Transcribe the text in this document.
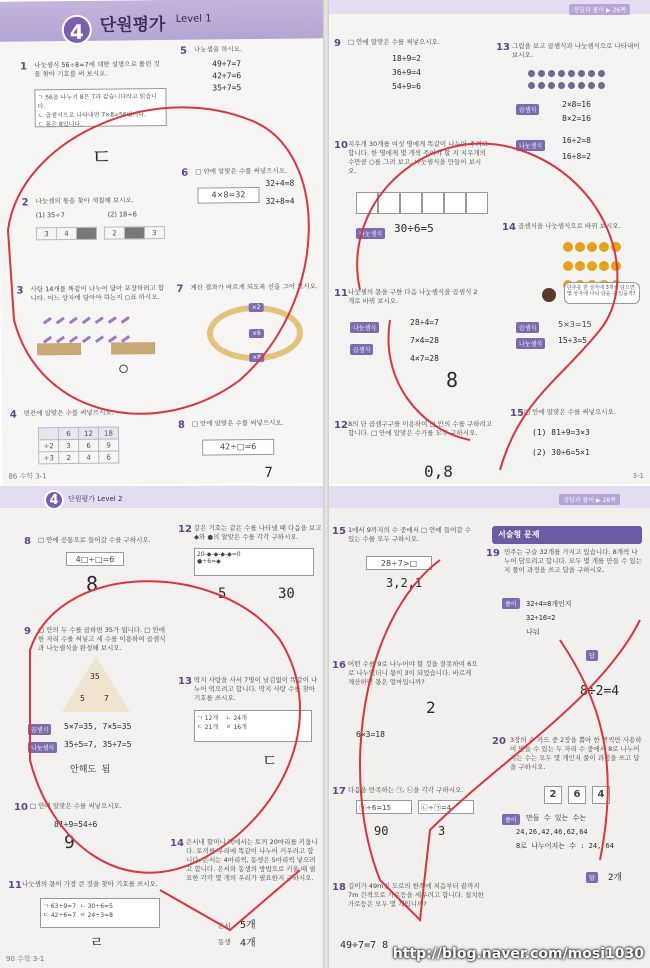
4 단원평가 Level 1
1 나눗셈식 56÷8=7에 대한 설명으로 틀린 것을 찾아 기호를 써 보시오.
ㄱ 56을 나누기 8은 7과 같습니다라고 읽습니다.
ㄴ 곱셈식으로 나타내면 7×8=56입니다.
ㄷ 몫은 8입니다.
ㄷ
2 나눗셈의 몫을 찾아 색칠해 보시오.
(1) 35÷7	(2) 18÷6
3	4		2		3
3 사탕 14개를 똑같이 나누어 담아 포장하려고 합니다. 어느 상자에 담아야 하는지 ○표 하시오.

○
4 빈칸에 알맞은 수를 써넣으시오.
	6	12	18
÷2	3	6	9
÷3	2	4	6
5 나눗셈을 하시오.
49÷7=7
42÷7=6
35÷7=5
6 □ 안에 알맞은 수를 써넣으시오.
4×8=32
32÷4=8
32÷8=4
7 계산 결과가 바르게 되도록 선을 그어 보시오.
×2
×6
×8
8 □ 안에 알맞은 수를 써넣으시오.
42÷□=6
7
86 수학 3-1
정답과 풀이 ▶ 26쪽
9 □ 안에 알맞은 수를 써넣으시오.
18÷9=2
36÷9=4
54÷9=6
10 지우개 30개를 여섯 명에게 똑같이 나누어 주려고 합니다. 한 명에게 몇 개씩 주어야 할 지 지우개의 수만큼 ○를 그려 보고, 나눗셈식을 만들어 보시오.
나눗셈식 30÷6=5
11 나눗셈의 몫을 구한 다음 나눗셈식을 곱셈식 2개로 바꿔 보시오.
나눗셈식
곱셈식
28÷4=7
7×4=28
4×7=28
8
12 8의 단 곱셈구구를 이용하여 □ 안의 수를 구하려고 합니다. □ 안에 알맞은 수가를 모두 구하시오.
0,8
13 그림을 보고 곱셈식과 나눗셈식으로 나타내어 보시오.
곱셈식
2×8=16
8×2=16
나눗셈식
16÷2=8
16÷8=2
14 곱셈식을 나눗셈식으로 바꿔 보시오.
단추를 한 상자에 3개씩 담으면 몇 상자에 나눠 담을 수 있을까?
곱셈식	5×3=15
나눗셈식	15÷3=5
15 □ 안에 알맞은 수를 써넣으시오.
(1) 81÷9=3×3
(2) 30÷6=5×1
3-1
4	단원평가 Level 2
8 □ 안에 공통으로 들어갈 수를 구하시오.
4□÷□=6
8
9 □ 안의 두 수를 곱하면 35가 됩니다. □ 안에 한 자리 수를 써넣고 세 수를 이용하여 곱셈식과 나눗셈식을 완성해 보시오.
35
5 7
곱셈식	5×7=35, 7×5=35
나눗셈식	35÷5=7, 35÷7=5
안해도 됨
10 □ 안에 알맞은 수를 써넣으시오.
81÷9=54÷6
9
11 나눗셈의 몫이 가장 큰 것을 찾아 기호를 쓰시오.
ㄱ 63÷9=7 ㄴ 30÷6=5
ㄷ 42÷6=7 ㄹ 24÷3=8
ㄹ
12 같은 기호는 같은 수를 나타낼 때 다음을 보고 ◆와 ●의 알맞은 수를 각각 구하시오.
20-◆-◆-◆-◆=0
●÷6=◆
5	30
13 딱지 사탕을 사서 7명이 남김없이 똑같이 나누어 먹으려고 합니다. 딱지 사탕 수를 찾아 기호를 쓰시오.
ㄱ 12개 ㄴ 24개
ㄷ 21개 ㄹ 16개
ㄷ
14 은서네 할머니 댁에서는 토끼 20마리를 키웁니다. 토끼를 우리에 똑같이 나누어 키우려고 합니다. 은서는 4마리씩, 동생은 5마리씩 넣으려고 합니다. 은서와 동생의 방법으로 키울 때 필요한 각각 몇 개의 우리가 필요한지 구하시오.
은서 5개
동생 4개
90 수학 3-1
정답과 풀이 ▶ 28쪽
15 1에서 9까지의 수 중에서 □ 안에 들어갈 수 있는 수를 모두 구하시오.
28÷7>□
3,2,1
16 어떤 수를 9로 나누어야 할 것을 잘못하여 6으로 나누었더니 몫이 3이 되었습니다. 바르게 계산하면 몫은 얼마입니까?
2
6×3=18
17 다음을 만족하는 ㉠, ㉡을 각각 구하시오.
㉠÷6=15	㉡÷㉠=4
90	3
18 길이가 49m인 도로의 한쪽에 처음부터 끝까지 7m 간격으로 가로등을 세우려고 합니다. 설치한 가로등은 모두 몇 개입니까?
49÷7=7 8
서술형 문제
19 민주는 구슬 32개를 가지고 있습니다. 8개씩 나누어 담으려고 합니다. 모두 몇 개를 만들 수 있는지 풀이 과정을 쓰고 답을 구하시오.
풀이	32÷4=8개인지
32÷16=2
나눠
답
8÷2=4
20 3장의 수 카드 중 2장을 뽑아 한 번씩만 사용하여 만들 수 있는 두 자리 수 중에서 8로 나누어지는 수는 모두 몇 개인지 풀이 과정을 쓰고 답을 구하시오.
2	6	4
풀이	만들 수 있는 수는
24,26,42,46,62,64
8로 나누어지는 수 : 24, 64
답	2개
http://blog.naver.com/mosi1030
